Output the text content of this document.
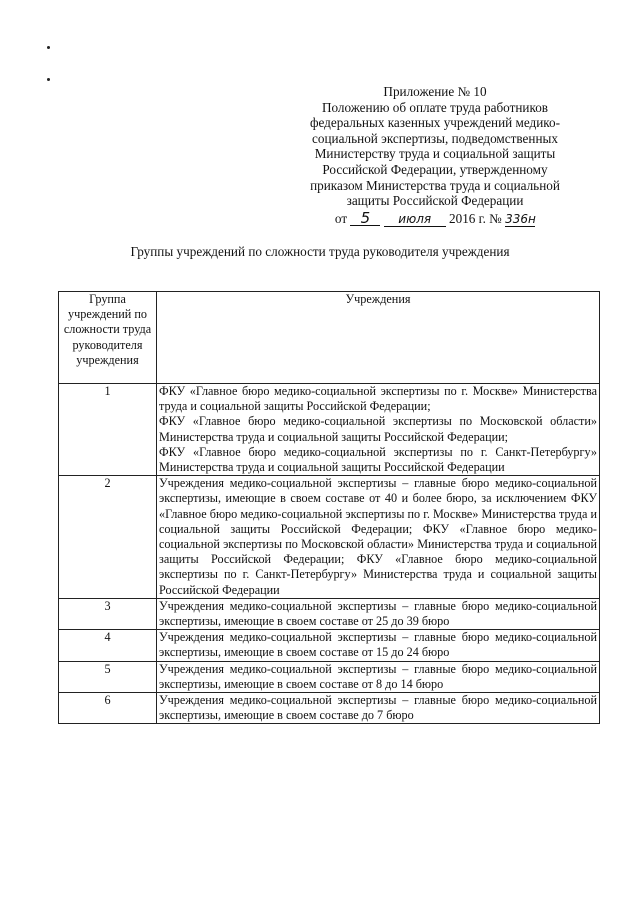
Приложение № 10
Положению об оплате труда работников
федеральных казенных учреждений медико-
социальной экспертизы, подведомственных
Министерству труда и социальной защиты
Российской Федерации, утвержденному
приказом Министерства труда и социальной
защиты Российской Федерации
от 5 июля 2016 г. № 336н
Группы учреждений по сложности труда руководителя учреждения
Группа учреждений по сложности труда руководителя учреждения	Учреждения
1	ФКУ «Главное бюро медико-социальной экспертизы по г. Москве» Министерства труда и социальной защиты Российской Федерации;
ФКУ «Главное бюро медико-социальной экспертизы по Московской области» Министерства труда и социальной защиты Российской Федерации;
ФКУ «Главное бюро медико-социальной экспертизы по г. Санкт-Петербургу» Министерства труда и социальной защиты Российской Федерации

2	Учреждения медико-социальной экспертизы – главные бюро медико-социальной экспертизы, имеющие в своем составе от 40 и более бюро, за исключением ФКУ «Главное бюро медико-социальной экспертизы по г. Москве» Министерства труда и социальной защиты Российской Федерации; ФКУ «Главное бюро медико-социальной экспертизы по Московской области» Министерства труда и социальной защиты Российской Федерации; ФКУ «Главное бюро медико-социальной экспертизы по г. Санкт-Петербургу» Министерства труда и социальной защиты Российской Федерации

3	Учреждения медико-социальной экспертизы – главные бюро медико-социальной экспертизы, имеющие в своем составе от 25 до 39 бюро

4	Учреждения медико-социальной экспертизы – главные бюро медико-социальной экспертизы, имеющие в своем составе от 15 до 24 бюро

5	Учреждения медико-социальной экспертизы – главные бюро медико-социальной экспертизы, имеющие в своем составе от 8 до 14 бюро

6	Учреждения медико-социальной экспертизы – главные бюро медико-социальной экспертизы, имеющие в своем составе до 7 бюро
